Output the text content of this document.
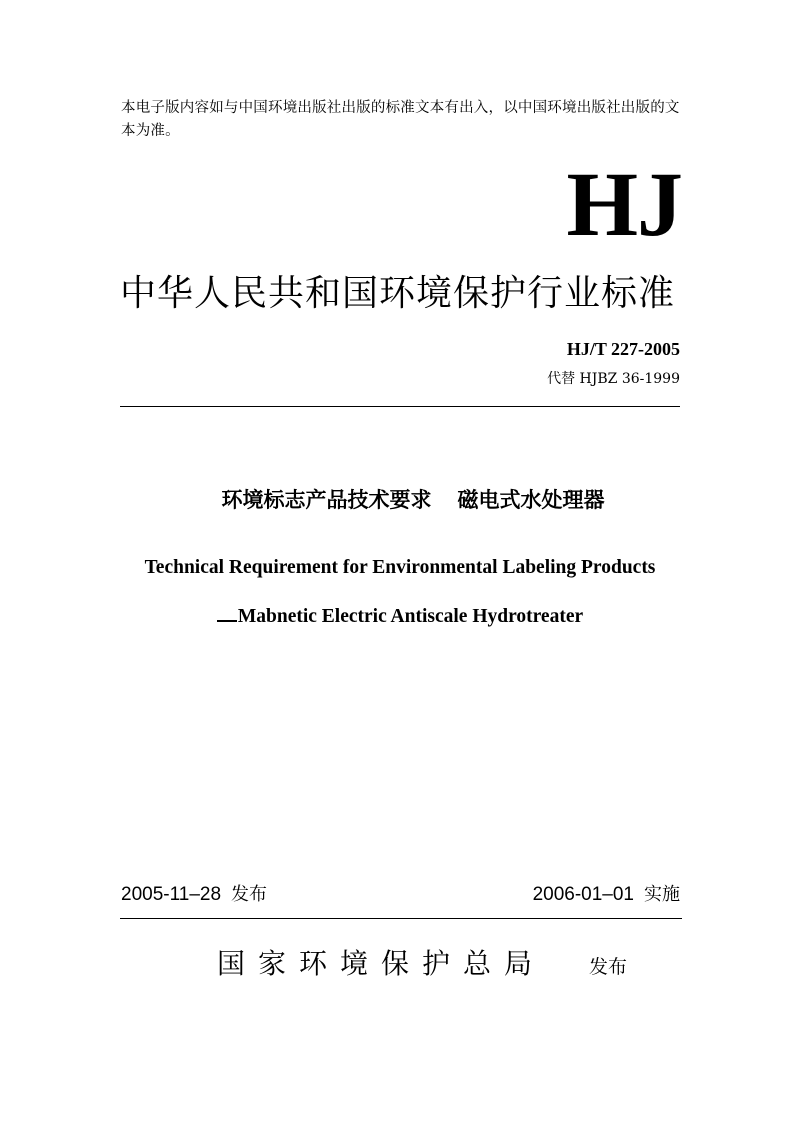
本电子版内容如与中国环境出版社出版的标准文本有出入，以中国环境出版社出版的文本为准。
HJ
中华人民共和国环境保护行业标准
HJ/T 227-2005
代替 HJBZ 36-1999
环境标志产品技术要求 磁电式水处理器
Technical Requirement for Environmental Labeling Products
Mabnetic Electric Antiscale Hydrotreater
2005-11–28 发布	2006-01–01 实施
国家环境保护总局 发布
